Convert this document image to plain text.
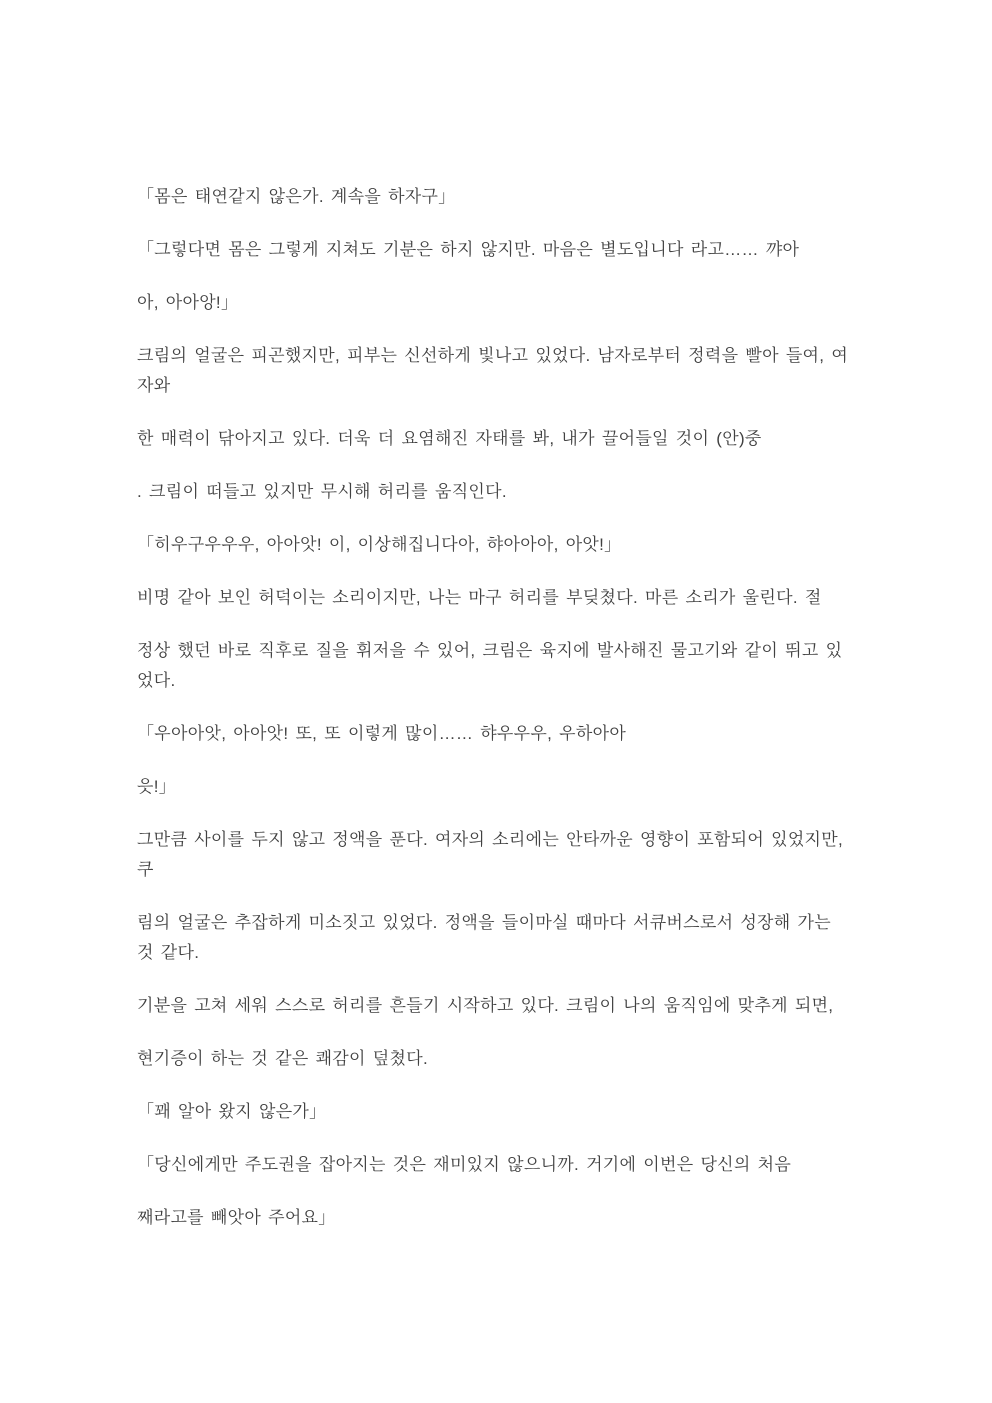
「몸은 태연같지 않은가. 계속을 하자구」
「그렇다면 몸은 그렇게 지쳐도 기분은 하지 않지만. 마음은 별도입니다 라고…… 꺄아
아, 아아앙!」
크림의 얼굴은 피곤했지만, 피부는 신선하게 빛나고 있었다. 남자로부터 정력을 빨아 들여, 여
자와
한 매력이 닦아지고 있다. 더욱 더 요염해진 자태를 봐, 내가 끌어들일 것이 (안)중
. 크림이 떠들고 있지만 무시해 허리를 움직인다.
「히우구우우우, 아아앗! 이, 이상해집니다아, 햐아아아, 아앗!」
비명 같아 보인 허덕이는 소리이지만, 나는 마구 허리를 부딪쳤다. 마른 소리가 울린다. 절
정상 했던 바로 직후로 질을 휘저을 수 있어, 크림은 육지에 발사해진 물고기와 같이 뛰고 있
었다.
「우아아앗, 아아앗! 또, 또 이렇게 많이…… 햐우우우, 우하아아
읏!」
그만큼 사이를 두지 않고 정액을 푼다. 여자의 소리에는 안타까운 영향이 포함되어 있었지만,
쿠
림의 얼굴은 추잡하게 미소짓고 있었다. 정액을 들이마실 때마다 서큐버스로서 성장해 가는
것 같다.
기분을 고쳐 세워 스스로 허리를 흔들기 시작하고 있다. 크림이 나의 움직임에 맞추게 되면,
현기증이 하는 것 같은 쾌감이 덮쳤다.
「꽤 알아 왔지 않은가」
「당신에게만 주도권을 잡아지는 것은 재미있지 않으니까. 거기에 이번은 당신의 처음
째라고를 빼앗아 주어요」
